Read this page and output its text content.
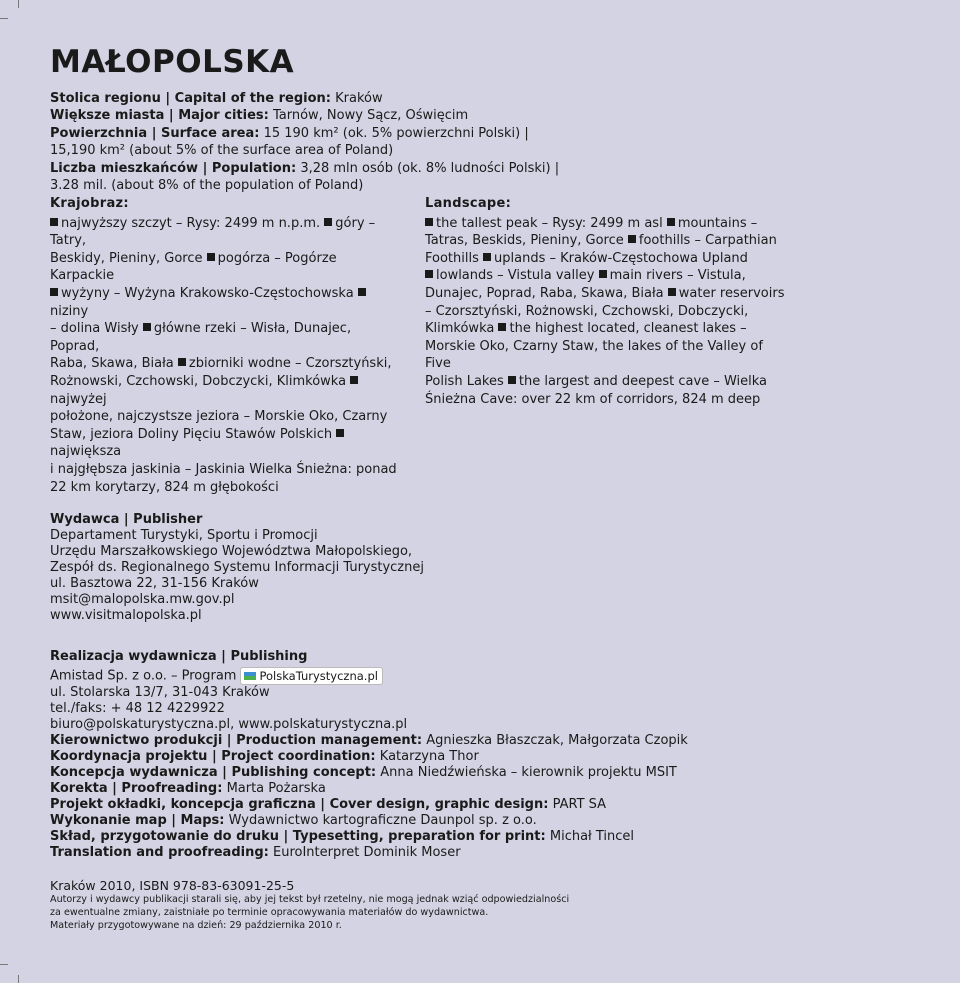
MAŁOPOLSKA
Stolica regionu | Capital of the region: Kraków
Większe miasta | Major cities: Tarnów, Nowy Sącz, Oświęcim
Powierzchnia | Surface area: 15 190 km² (ok. 5% powierzchni Polski) |
15,190 km² (about 5% of the surface area of Poland)
Liczba mieszkańców | Population: 3,28 mln osób (ok. 8% ludności Polski) |
3.28 mil. (about 8% of the population of Poland)
Krajobraz:
najwyższy szczyt – Rysy: 2499 m n.p.m. góry – Tatry,
Beskidy, Pieniny, Gorce pogórza – Pogórze Karpackie
wyżyny – Wyżyna Krakowsko-Częstochowska niziny
– dolina Wisły główne rzeki – Wisła, Dunajec, Poprad,
Raba, Skawa, Biała zbiorniki wodne – Czorsztyński,
Rożnowski, Czchowski, Dobczycki, Klimkówka najwyżej
położone, najczystsze jeziora – Morskie Oko, Czarny
Staw, jeziora Doliny Pięciu Stawów Polskich największa
i najgłębsza jaskinia – Jaskinia Wielka Śnieżna: ponad
22 km korytarzy, 824 m głębokości
Landscape:
the tallest peak – Rysy: 2499 m asl mountains –
Tatras, Beskids, Pieniny, Gorce foothills – Carpathian
Foothills uplands – Kraków-Częstochowa Upland
lowlands – Vistula valley main rivers – Vistula,
Dunajec, Poprad, Raba, Skawa, Biała water reservoirs
– Czorsztyński, Rożnowski, Czchowski, Dobczycki,
Klimkówka the highest located, cleanest lakes –
Morskie Oko, Czarny Staw, the lakes of the Valley of Five
Polish Lakes the largest and deepest cave – Wielka
Śnieżna Cave: over 22 km of corridors, 824 m deep
Wydawca | Publisher
Departament Turystyki, Sportu i Promocji
Urzędu Marszałkowskiego Województwa Małopolskiego,
Zespół ds. Regionalnego Systemu Informacji Turystycznej
ul. Basztowa 22, 31-156 Kraków
msit@malopolska.mw.gov.pl
www.visitmalopolska.pl
Realizacja wydawnicza | Publishing
Amistad Sp. z o.o. – Program PolskaTurystyczna.pl
ul. Stolarska 13/7, 31-043 Kraków
tel./faks: + 48 12 4229922
biuro@polskaturystyczna.pl, www.polskaturystyczna.pl
Kierownictwo produkcji | Production management: Agnieszka Błaszczak, Małgorzata Czopik
Koordynacja projektu | Project coordination: Katarzyna Thor
Koncepcja wydawnicza | Publishing concept: Anna Niedźwieńska – kierownik projektu MSIT
Korekta | Proofreading: Marta Pożarska
Projekt okładki, koncepcja graficzna | Cover design, graphic design: PART SA
Wykonanie map | Maps: Wydawnictwo kartograficzne Daunpol sp. z o.o.
Skład, przygotowanie do druku | Typesetting, preparation for print: Michał Tincel
Translation and proofreading: EuroInterpret Dominik Moser
Kraków 2010, ISBN 978-83-63091-25-5
Autorzy i wydawcy publikacji starali się, aby jej tekst był rzetelny, nie mogą jednak wziąć odpowiedzialności
za ewentualne zmiany, zaistniałe po terminie opracowywania materiałów do wydawnictwa.
Materiały przygotowywane na dzień: 29 października 2010 r.
